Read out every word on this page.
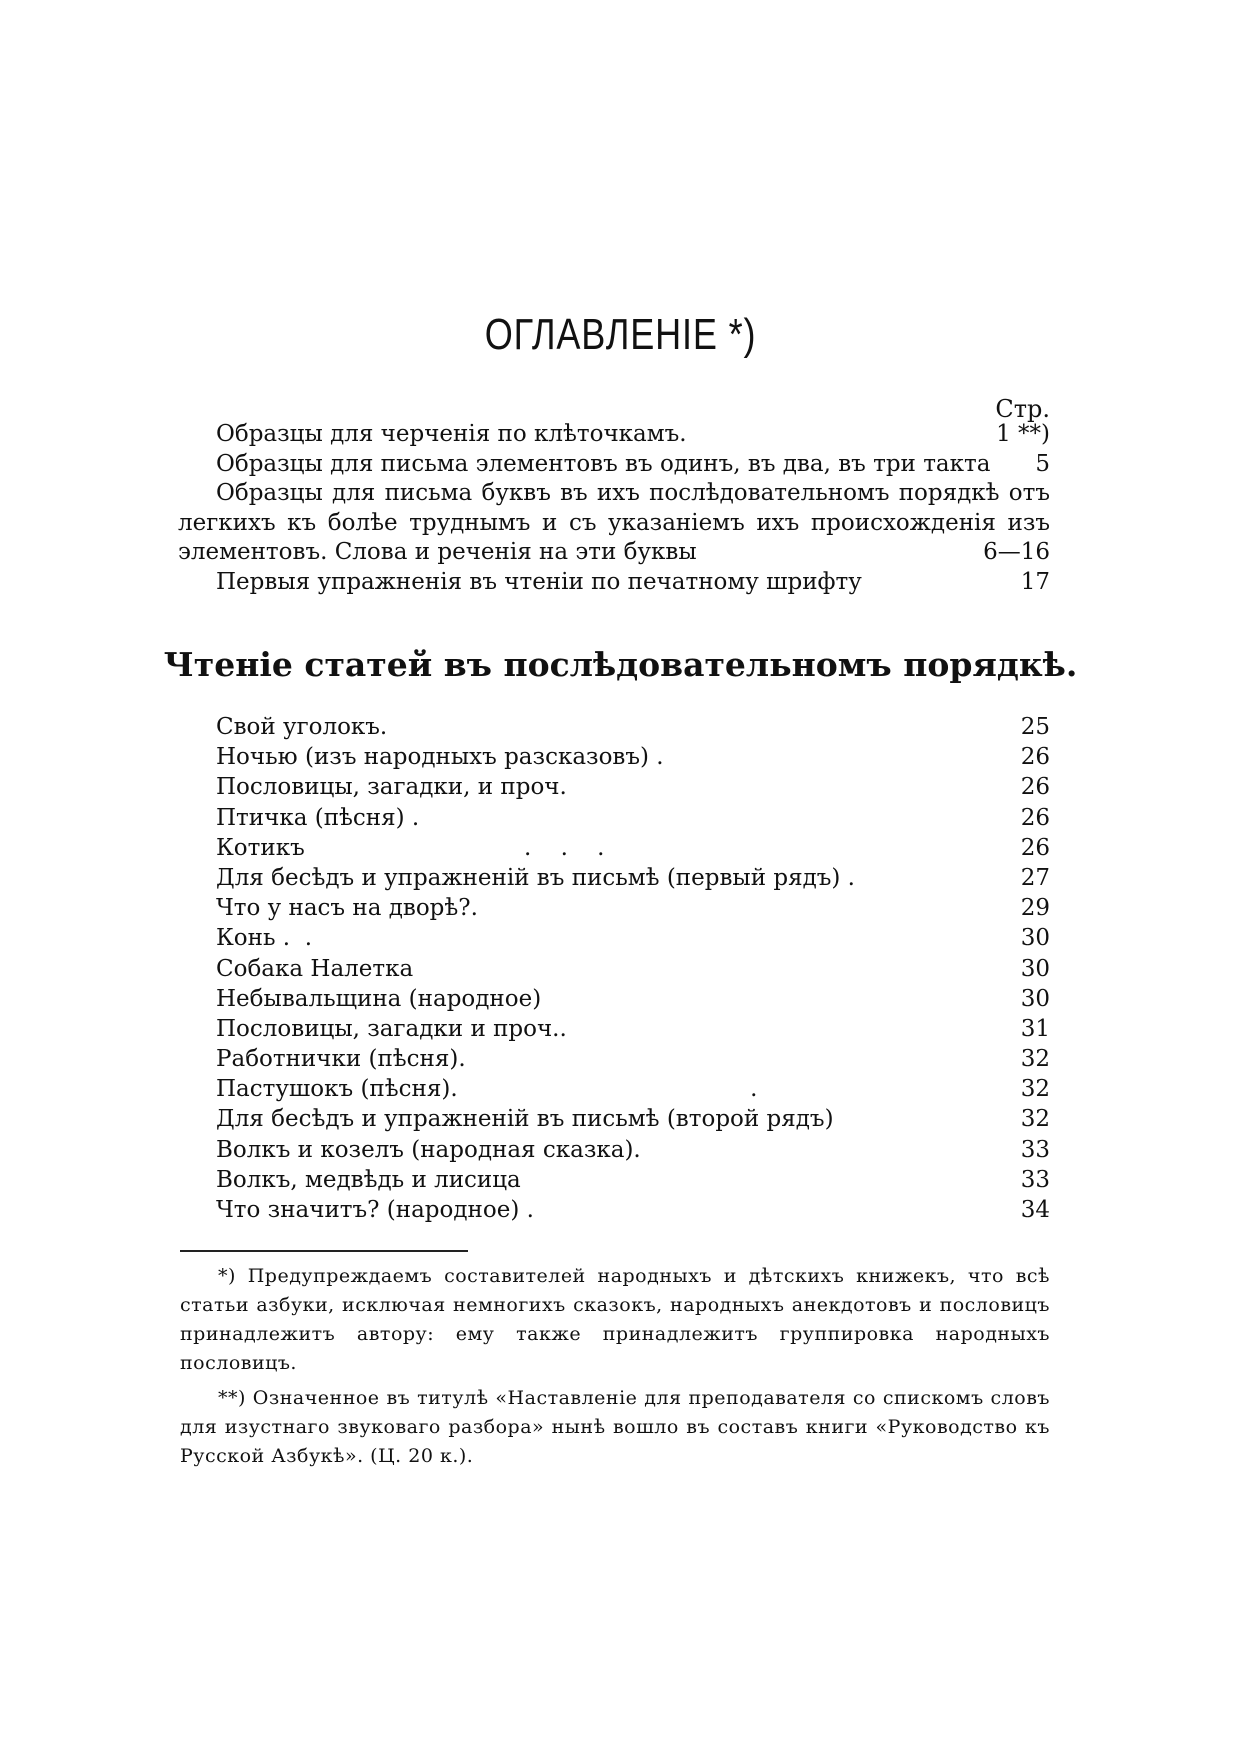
ОГЛАВЛЕНІЕ *)
Стр.
Образцы для черченія по клѣточкамъ.	1 **)
Образцы для письма элементовъ въ одинъ, въ два, въ три такта 5
Образцы для письма буквъ въ ихъ послѣдовательномъ порядкѣ отъ легкихъ къ болѣе труднымъ и съ указаніемъ ихъ происхожденія изъ элементовъ. Слова и реченія на эти буквы	6—16
Первыя упражненія въ чтеніи по печатному шрифту	17
Чтеніе статей въ послѣдовательномъ порядкѣ.
Свой уголокъ.	25
Ночью (изъ народныхъ разсказовъ) .	26
Пословицы, загадки, и проч.	26
Птичка (пѣсня) .	26
Котикъ                              .    .    .	26
Для бесѣдъ и упражненій въ письмѣ (первый рядъ) .	27
Что у насъ на дворѣ?.	29
Конь .  .	30
Собака Налетка	30
Небывальщина (народное)	30
Пословицы, загадки и проч..	31
Работнички (пѣсня).	32
Пастушокъ (пѣсня).                                        .	32
Для бесѣдъ и упражненій въ письмѣ (второй рядъ)	32
Волкъ и козелъ (народная сказка).	33
Волкъ, медвѣдь и лисица	33
Что значитъ? (народное) .	34

*) Предупреждаемъ составителей народныхъ и дѣтскихъ книжекъ, что всѣ статьи азбуки, исключая немногихъ сказокъ, народныхъ анекдотовъ и пословицъ принадлежитъ автору: ему также принадлежитъ группировка народныхъ пословицъ.

**) Означенное въ титулѣ «Наставленіе для преподавателя со спискомъ словъ для изустнаго звуковаго разбора» нынѣ вошло въ составъ книги «Руководство къ Русской Азбукѣ». (Ц. 20 к.).
